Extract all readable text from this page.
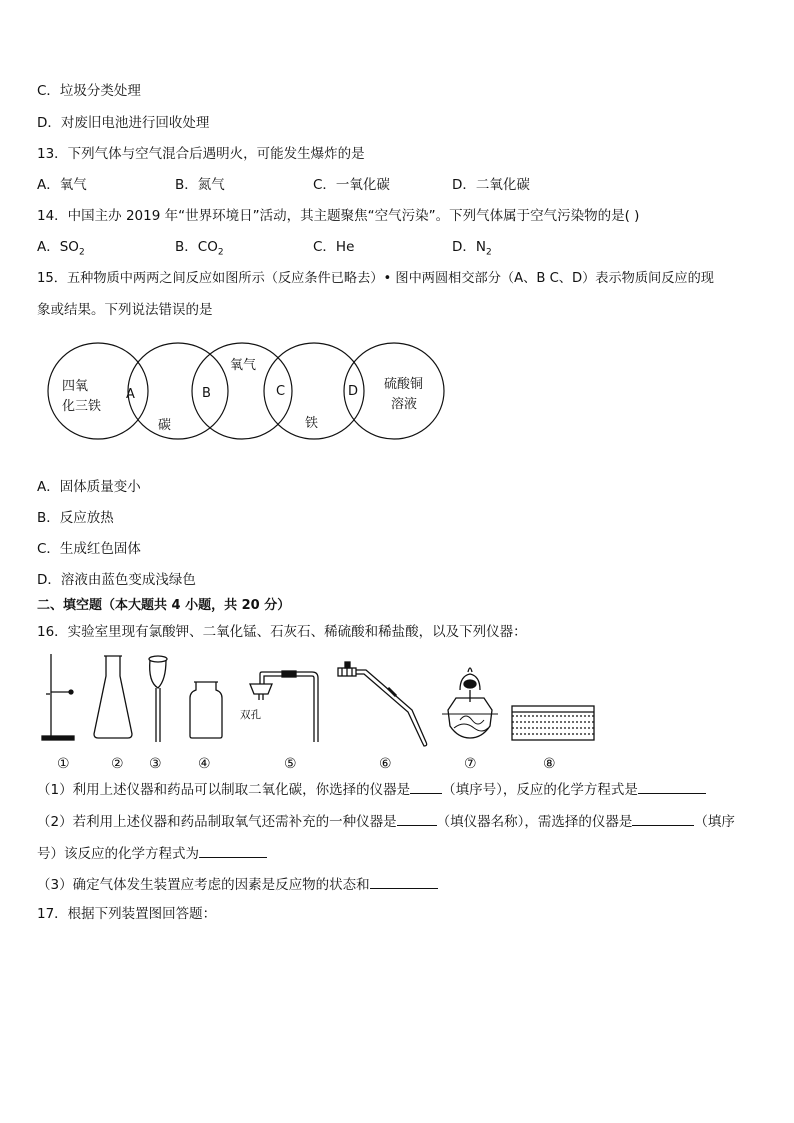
C．垃圾分类处理
D．对废旧电池进行回收处理
13．下列气体与空气混合后遇明火，可能发生爆炸的是
A．氧气	B．氮气	C．一氧化碳	D．二氧化碳
14．中国主办 2019 年“世界环境日”活动，其主题聚焦“空气污染”。下列气体属于空气污染物的是( )
A．$SO_2$	B．$CO_2$	C．He	D．$N_2$
15．五种物质中两两之间反应如图所示（反应条件已略去）• 图中两圆相交部分（A、B C、D）表示物质间反应的现
象或结果。下列说法错误的是
四氧
化三铁
碳
氧气
铁
硫酸铜
溶液
A	B	C	D
A．固体质量变小
B．反应放热
C．生成红色固体
D．溶液由蓝色变成浅绿色
二、填空题（本大题共 4 小题，共 20 分）
16．实验室里现有氯酸钾、二氧化锰、石灰石、稀硫酸和稀盐酸，以及下列仪器：
双孔
①	② ③	④	⑤	⑥	⑦	⑧
（1）利用上述仪器和药品可以制取二氧化碳，你选择的仪器是 （填序号），反应的化学方程式是
（2）若利用上述仪器和药品制取氧气还需补充的一种仪器是	（填仪器名称），需选择的仪器是	（填序
号）该反应的化学方程式为
（3）确定气体发生装置应考虑的因素是反应物的状态和
17．根据下列装置图回答题：
